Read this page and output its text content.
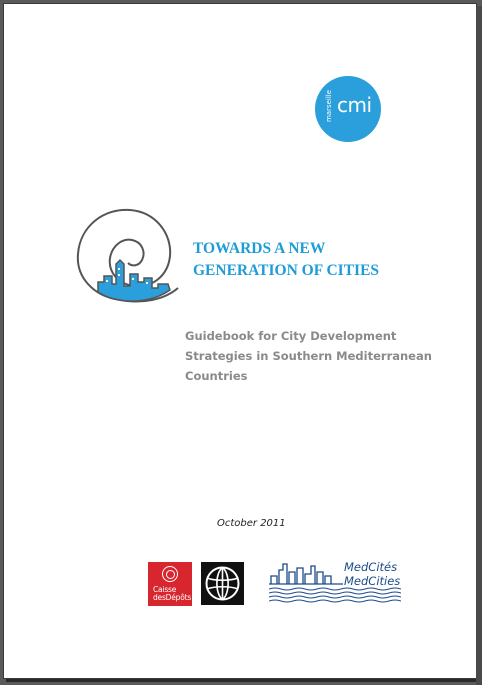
cmi
marseille
TOWARDS A NEW
GENERATION OF CITIES
Guidebook for City Development
Strategies in Southern Mediterranean
Countries
October 2011
Caisse
desDépôts
MedCités
MedCities
